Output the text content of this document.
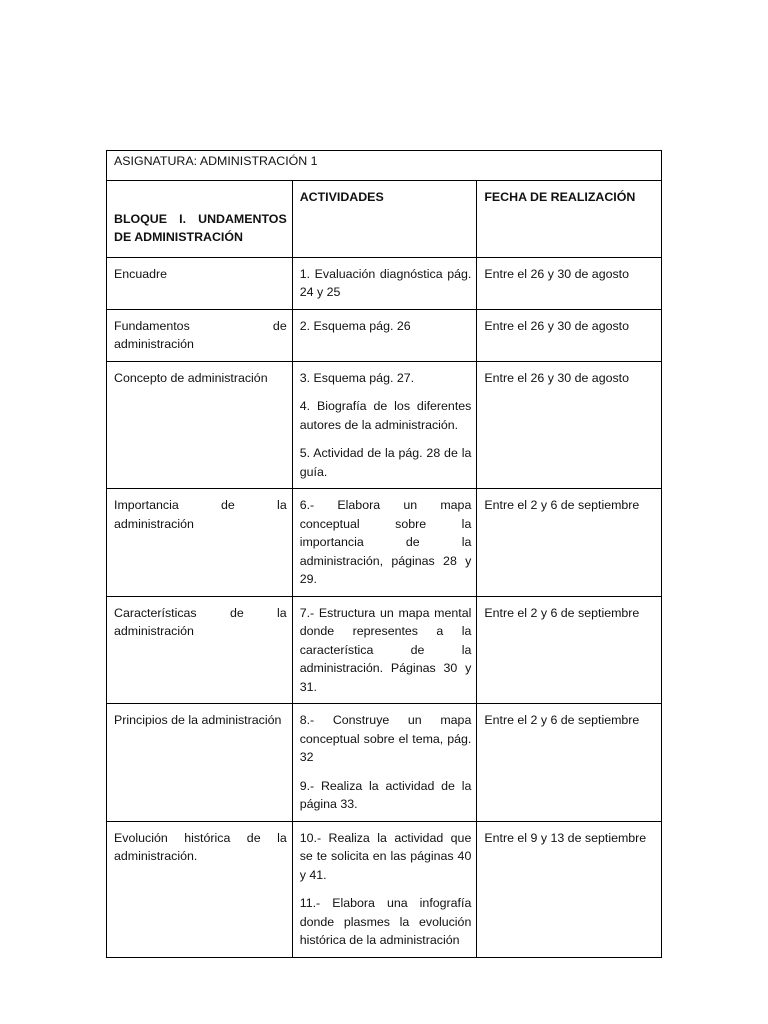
ASIGNATURA: ADMINISTRACIÓN 1		

BLOQUE I. UNDAMENTOS DE ADMINISTRACIÓN	ACTIVIDADES	FECHA DE REALIZACIÓN
Encuadre	1. Evaluación diagnóstica pág. 24 y 25	Entre el 26 y 30 de agosto
Fundamentos de administración	2. Esquema pág. 26	Entre el 26 y 30 de agosto
Concepto de administración	3. Esquema pág. 27.

4. Biografía de los diferentes autores de la administración.

5. Actividad de la pág. 28 de la guía.	Entre el 26 y 30 de agosto
Importancia de la administración	6.- Elabora un mapa conceptual sobre la importancia de la administración, páginas 28 y 29.	Entre el 2 y 6 de septiembre
Características de la administración	7.- Estructura un mapa mental donde representes a la característica de la administración. Páginas 30 y 31.	Entre el 2 y 6 de septiembre
Principios de la administración	8.- Construye un mapa conceptual sobre el tema, pág. 32

9.- Realiza la actividad de la página 33.	Entre el 2 y 6 de septiembre
Evolución histórica de la administración.	10.- Realiza la actividad que se te solicita en las páginas 40 y 41.

11.- Elabora una infografía donde plasmes la evolución histórica de la administración	Entre el 9 y 13 de septiembre
